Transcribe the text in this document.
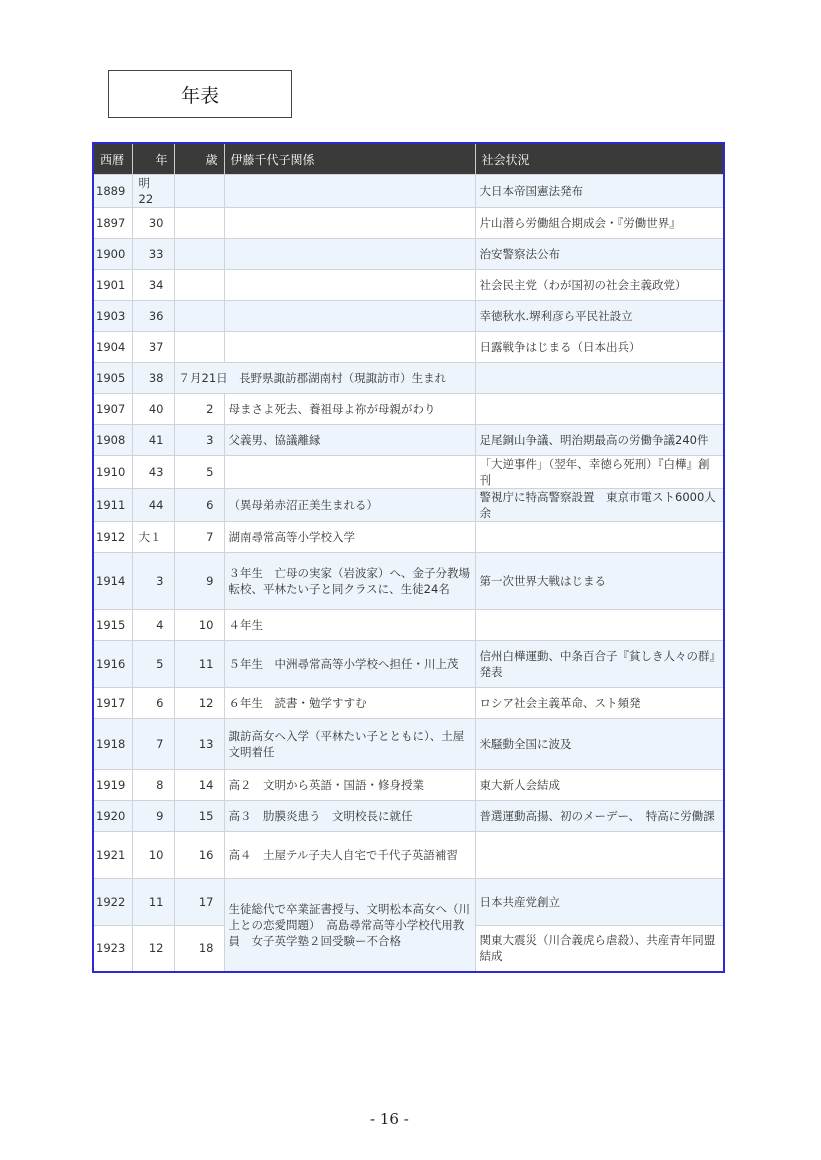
年表
西暦	年	歳	伊藤千代子関係	社会状況
1889	明22			大日本帝国憲法発布
1897	30			片山潜ら労働組合期成会・『労働世界』
1900	33			治安警察法公布
1901	34			社会民主党（わが国初の社会主義政党）
1903	36			幸徳秋水.堺利彦ら平民社設立
1904	37			日露戦争はじまる（日本出兵）
1905	38	７月21日　長野県諏訪郡湖南村（現諏訪市）生まれ		
1907	40	2	母まさよ死去、養祖母よ祢が母親がわり	
1908	41	3	父義男、協議離縁	足尾銅山争議、明治期最高の労働争議240件
1910	43	5		「大逆事件」（翌年、幸徳ら死刑）『白樺』創刊
1911	44	6	（異母弟赤沼正美生まれる）	警視庁に特高警察設置　東京市電スト6000人余
1912	大１	7	湖南尋常高等小学校入学	
1914	3	9	３年生　亡母の実家（岩波家）へ、金子分教場転校、平林たい子と同クラスに、生徒24名	第一次世界大戦はじまる
1915	4	10	４年生	
1916	5	11	５年生　中洲尋常高等小学校へ担任・川上茂	信州白樺運動、中条百合子『貧しき人々の群』発表
1917	6	12	６年生　読書・勉学すすむ	ロシア社会主義革命、スト頻発
1918	7	13	諏訪高女へ入学（平林たい子とともに）、土屋文明着任	米騒動全国に波及
1919	8	14	高２　文明から英語・国語・修身授業	東大新人会結成
1920	9	15	高３　肋膜炎患う　文明校長に就任	普選運動高揚、初のメーデー、　特高に労働課
1921	10	16	高４　土屋テル子夫人自宅で千代子英語補習	
1922	11	17	生徒総代で卒業証書授与、文明松本高女へ（川上との恋愛問題）　高島尋常高等小学校代用教員　女子英学塾２回受験ー不合格	日本共産党創立
1923	12	18		関東大震災（川合義虎ら虐殺）、共産青年同盟結成
- 16 -
